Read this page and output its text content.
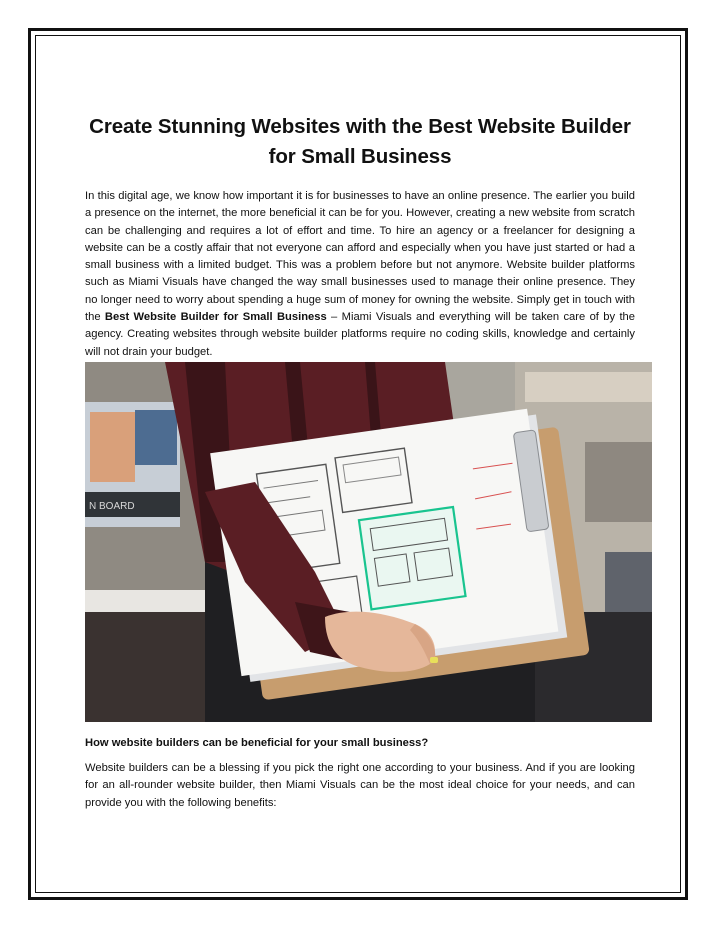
Create Stunning Websites with the Best Website Builder for Small Business

In this digital age, we know how important it is for businesses to have an online presence. The earlier you build a presence on the internet, the more beneficial it can be for you. However, creating a new website from scratch can be challenging and requires a lot of effort and time. To hire an agency or a freelancer for designing a website can be a costly affair that not everyone can afford and especially when you have just started or had a small business with a limited budget. This was a problem before but not anymore. Website builder platforms such as Miami Visuals have changed the way small businesses used to manage their online presence. They no longer need to worry about spending a huge sum of money for owning the website. Simply get in touch with the Best Website Builder for Small Business – Miami Visuals and everything will be taken care of by the agency. Creating websites through website builder platforms require no coding skills, knowledge and certainly will not drain your budget.

N BOARD

How website builders can be beneficial for your small business?

Website builders can be a blessing if you pick the right one according to your business. And if you are looking for an all-rounder website builder, then Miami Visuals can be the most ideal choice for your needs, and can provide you with the following benefits:
